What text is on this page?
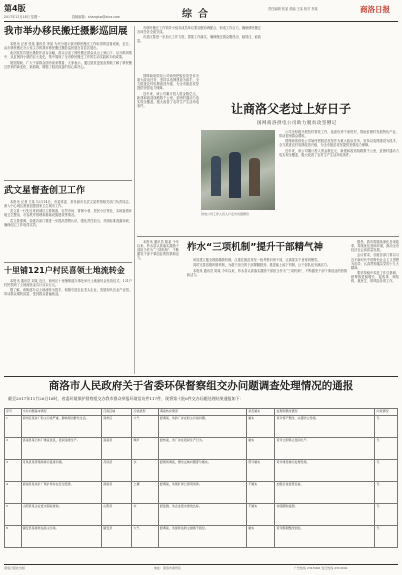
第4版
2017年12月18日 星期一	投稿邮箱：shangluo@sina.com	综合	责任编辑 张某 美编 王某 校对 李某	商洛日报
我市举办移民搬迁摄影巡回展

本报讯 记者 张某 通讯员 李某 为充分展示我市移民搬迁工作取得的显著成就，近日，由市移民搬迁办公室主办的我市移民搬迁摄影巡回展在各县区展出。

此次展览共展出摄影作品百余幅，真实记录了移民搬迁群众从山上到山下、从分散到集中、从贫困到小康的巨大变化，集中展现了全市移民搬迁工作的生动实践和丰硕成果。

展览期间，广大干部群众纷纷前来观看，大家表示，通过展览更加直观地了解了移民搬迁带来的新变化、新面貌，增强了脱贫致富的信心和决心。

武文星督查创卫工作

本报讯 记者 王某 12月14日，市委常委、常务副市长武文星带领相关部门负责同志，深入中心城区督查创建国家卫生城市工作。

武文星一行先后来到城区主要街道、农贸市场、背街小巷、居民小区等处，实地查看环境卫生整治、市容秩序管理和基础设施建设等情况。

武文星强调，各级各部门要进一步提高思想认识，强化责任担当，对照标准查漏补缺，确保创卫工作取得实效。

十里铺121户村民喜领土地流转金

本报讯 通讯员 刘某 近日，商州区十里铺街道办事处举行土地流转金发放仪式，121户村民领到了土地流转金共计百余万元。

据了解，该街道办以土地流转为抓手，积极引进农业龙头企业，发展现代农业产业园，带动群众增收致富，受到群众普遍欢迎。

市移民搬迁工作领导小组各成员单位要加强协调配合，形成工作合力，确保移民搬迁各项任务全面完成。

各县区要进一步加大工作力度，狠抓工作落实，确保搬迁群众搬得出、稳得住、能致富。

国网商洛供电公司始终把脱贫攻坚作为重大政治任务，坚持以电网建设为抓手，全力推进农村电网改造升级，为全市脱贫攻坚提供坚强电力保障。

近年来，该公司累计投入资金数亿元，新建和改造线路数千公里，贫困村通动力电实现全覆盖，极大改善了农村生产生活用电条件。	让商洛父老过上好日子
国网商洛供电公司助力脱贫攻坚侧记
供电公司工作人员入户走访贫困群众

公司还积极开展驻村帮扶工作，选派优秀干部驻村，帮助贫困村发展特色产业，带动贫困群众增收。

国网商洛供电公司始终把脱贫攻坚作为重大政治任务，坚持以电网建设为抓手，全力推进农村电网改造升级，为全市脱贫攻坚提供坚强电力保障。

近年来，该公司累计投入资金数亿元，新建和改造线路数千公里，贫困村通动力电实现全覆盖，极大改善了农村生产生活用电条件。

本报讯 通讯员 陈某 今年以来，柞水县认真落实激励干部担当作为“三项机制”，不断激发干部干事创业的热情和活力。

柞水“三项机制”提升干部精气神

该县建立健全鼓励激励机制，注重在脱贫攻坚一线考察识别干部，让真抓实干者得到褒奖。

同时完善容错纠错机制，为敢于担当的干部撑腰鼓劲；推进能上能下机制，让干部队伍充满活力。

本报讯 通讯员 陈某 今年以来，柞水县认真落实激励干部担当作为“三项机制”，不断激发干部干事创业的热情和活力。

据悉，我市将继续深化各项改革，持续优化营商环境，推动全市经济社会高质量发展。

会议要求，各级各部门要以习近平新时代中国特色社会主义思想为指导，认真贯彻落实党的十九大精神。

要坚持稳中求进工作总基调，统筹推进稳增长、促改革、调结构、惠民生、防风险各项工作。

商洛市人民政府关于省委环保督察组交办问题调查处理情况的通报
截至2017年11月26日16时，省委环境保护督察组交办我市群众举报环境信访件117件，现将第十批6件交办问题处理结果通报如下：
序号	交办问题基本情况	行政区域	污染类型	调查核实情况	是否属实	处理和整改情况	问责情况
1	商州区某砖厂粉尘污染严重，影响周边群众生活。	商州区	大气	经调查，该砖厂存在粉尘污染问题。	属实	责令停产整改，完善防尘设施。	无
2	洛南县某石料厂噪音扰民，夜间违规生产。	洛南县	噪声	经核查，该厂存在夜间生产行为。	属实	责令立即停止夜间生产。	无
3	丹凤县某养殖场粪污直排河道。	丹凤县	水	经现场调查，群众反映问题部分属实。	部分属实	责令建设粪污处理设施。	无
4	商南县某选矿厂尾矿库存在安全隐患。	商南县	土壤	经调查，该尾矿库已停用闭库。	不属实	加强日常监管巡查。	无
5	山阳县某企业废水超标排放。	山阳县	水	经监测，该企业废水排放达标。	不属实	持续跟踪监测。	无
6	镇安县某搅拌站扬尘污染。	镇安县	大气	经调查，该搅拌站防尘措施不到位。	属实	责令限期整改到位。	无
商洛日报社出版	地址：商洛市商州区	广告热线 2313000 发行热线 2313001
